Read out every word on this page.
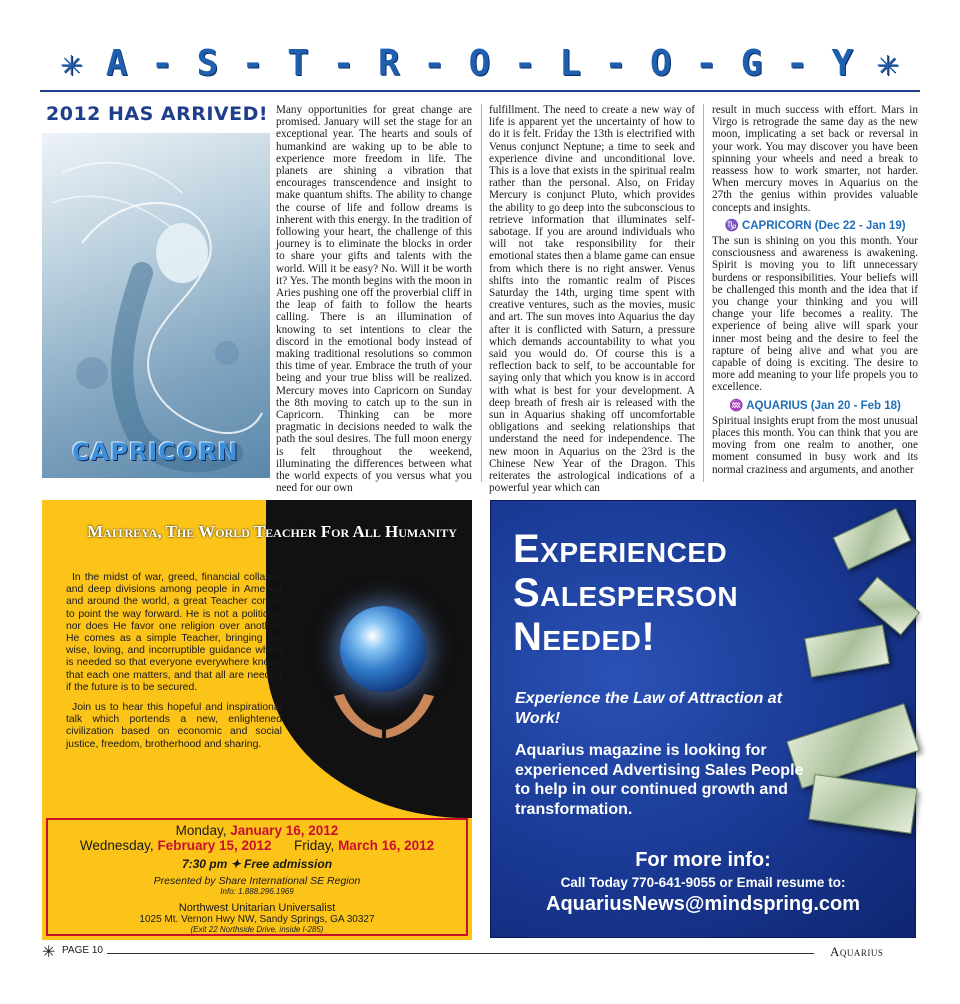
✳ A - S - T - R - O - L - O - G - Y ✳
2012 HAS ARRIVED!
CAPRICORN
Many opportunities for great change are promised. January will set the stage for an exceptional year. The hearts and souls of humankind are waking up to be able to experience more freedom in life. The planets are shining a vibration that encourages transcendence and insight to make quantum shifts. The ability to change the course of life and follow dreams is inherent with this energy. In the tradition of following your heart, the challenge of this journey is to eliminate the blocks in order to share your gifts and talents with the world. Will it be easy? No. Will it be worth it? Yes. The month begins with the moon in Aries pushing one off the proverbial cliff in the leap of faith to follow the hearts calling. There is an illumination of knowing to set intentions to clear the discord in the emotional body instead of making traditional resolutions so common this time of year. Embrace the truth of your being and your true bliss will be realized. Mercury moves into Capricorn on Sunday the 8th moving to catch up to the sun in Capricorn. Thinking can be more pragmatic in decisions needed to walk the path the soul desires. The full moon energy is felt throughout the weekend, illuminating the differences between what the world expects of you versus what you need for our own
fulfillment. The need to create a new way of life is apparent yet the uncertainty of how to do it is felt. Friday the 13th is electrified with Venus conjunct Neptune; a time to seek and experience divine and unconditional love. This is a love that exists in the spiritual realm rather than the personal. Also, on Friday Mercury is conjunct Pluto, which provides the ability to go deep into the subconscious to retrieve information that illuminates self-sabotage. If you are around individuals who will not take responsibility for their emotional states then a blame game can ensue from which there is no right answer. Venus shifts into the romantic realm of Pisces Saturday the 14th, urging time spent with creative ventures, such as the movies, music and art. The sun moves into Aquarius the day after it is conflicted with Saturn, a pressure which demands accountability to what you said you would do. Of course this is a reflection back to self, to be accountable for saying only that which you know is in accord with what is best for your development. A deep breath of fresh air is released with the sun in Aquarius shaking off uncomfortable obligations and seeking relationships that understand the need for independence. The new moon in Aquarius on the 23rd is the Chinese New Year of the Dragon. This reiterates the astrological indications of a powerful year which can
result in much success with effort. Mars in Virgo is retrograde the same day as the new moon, implicating a set back or reversal in your work. You may discover you have been spinning your wheels and need a break to reassess how to work smarter, not harder. When mercury moves in Aquarius on the 27th the genius within provides valuable concepts and insights.
♑ CAPRICORN (Dec 22 - Jan 19)
The sun is shining on you this month. Your consciousness and awareness is awakening. Spirit is moving you to lift unnecessary burdens or responsibilities. Your beliefs will be challenged this month and the idea that if you change your thinking and you will change your life becomes a reality. The experience of being alive will spark your inner most being and the desire to feel the rapture of being alive and what you are capable of doing is exciting. The desire to more add meaning to your life propels you to excellence.
♒ AQUARIUS (Jan 20 - Feb 18)
Spiritual insights erupt from the most unusual places this month. You can think that you are moving from one realm to another, one moment consumed in busy work and its normal craziness and arguments, and another
Maitreya, The World Teacher For All Humanity

In the midst of war, greed, financial collapse and deep divisions among people in America and around the world, a great Teacher comes to point the way forward. He is not a politician nor does He favor one religion over another. He comes as a simple Teacher, bringing the wise, loving, and incorruptible guidance which is needed so that everyone everywhere knows that each one matters, and that all are needed if the future is to be secured.

Join us to hear this hopeful and inspirational talk which portends a new, enlightened civilization based on economic and social justice, freedom, brotherhood and sharing.

Monday, January 16, 2012
Wednesday, February 15, 2012 Friday, March 16, 2012
7:30 pm ✦ Free admission
Presented by Share International SE Region
Info: 1.888.296.1969
Northwest Unitarian Universalist
1025 Mt. Vernon Hwy NW, Sandy Springs, GA 30327
(Exit 22 Northside Drive, inside I-285)
Experienced
Salesperson
Needed!
Experience the Law of Attraction at Work!
Aquarius magazine is looking for experienced Advertising Sales People to help in our continued growth and transformation.
For more info:
Call Today 770-641-9055 or Email resume to:
AquariusNews@mindspring.com
✳ PAGE 10	Aquarius
